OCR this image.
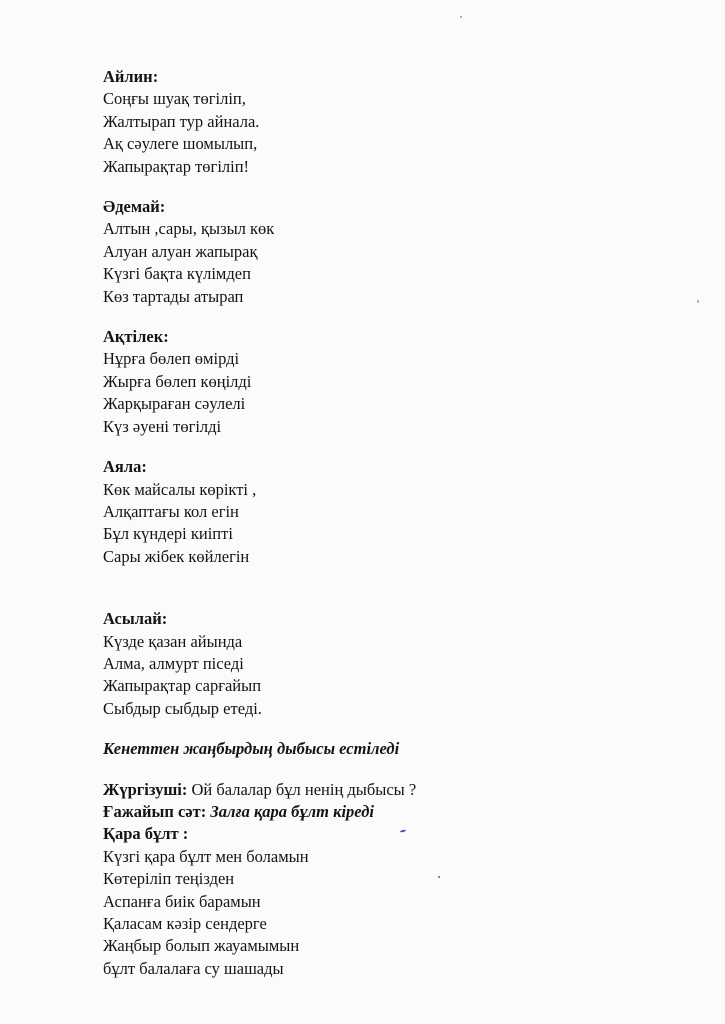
Айлин:
Соңғы шуақ төгіліп,
Жалтырап тур айнала.
Ақ сәулеге шомылып,
Жапырақтар төгіліп!
Әдемай:
Алтын ,сары, қызыл көк
Алуан алуан жапырақ
Күзгі бақта күлімдеп
Көз тартады атырап
Ақтілек:
Нұрға бөлеп өмірді
Жырға бөлеп көңілді
Жарқыраған сәулелі
Күз әуені төгілді
Аяла:
Көк майсалы көрікті ,
Алқаптағы кол егін
Бұл күндері киіпті
Сары жібек көйлегін
Асылай:
Күзде қазан айында
Алма, алмурт піседі
Жапырақтар сарғайып
Сыбдыр сыбдыр етеді.
Кенеттен жаңбырдың дыбысы естіледі
Жүргізуші: Ой балалар бұл ненің дыбысы ?
Ғажайып сәт: Залға қара бұлт кіреді
Қара бұлт :
Күзгі қара бұлт мен боламын
Көтеріліп теңізден
Аспанға биік барамын
Қаласам кәзір сендерге
Жаңбыр болып жауамымын
бұлт балалаға су шашады
